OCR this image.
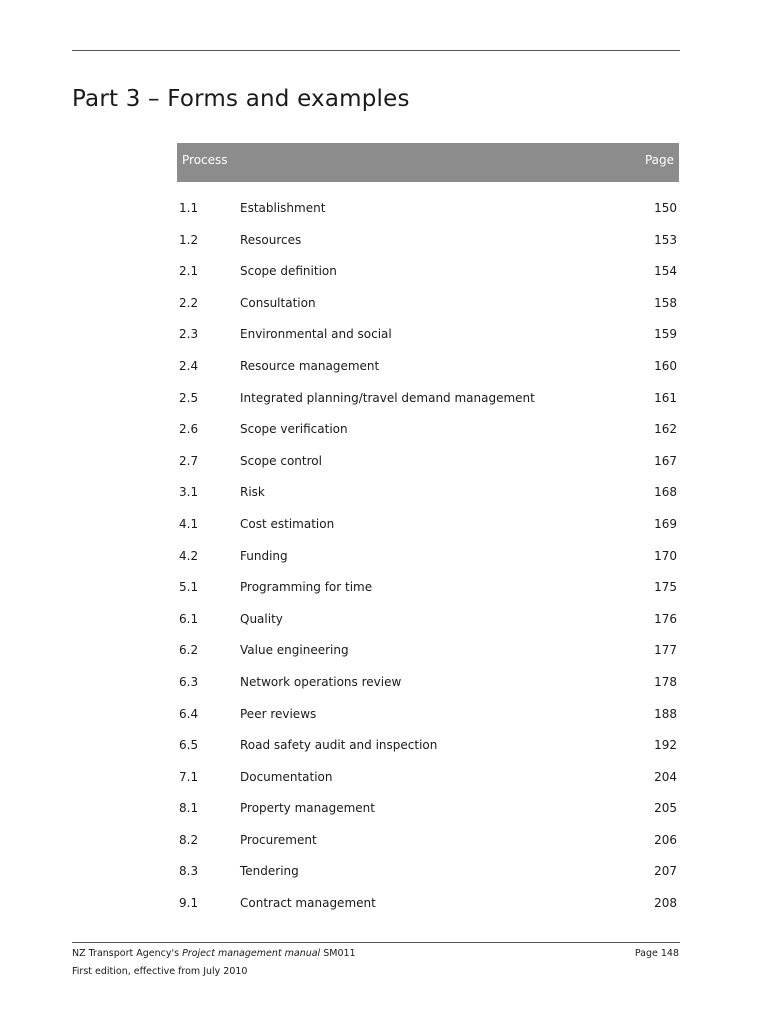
Part 3 – Forms and examples
Process	Page
1.1	Establishment	150
1.2	Resources	153
2.1	Scope definition	154
2.2	Consultation	158
2.3	Environmental and social	159
2.4	Resource management	160
2.5	Integrated planning/travel demand management	161
2.6	Scope verification	162
2.7	Scope control	167
3.1	Risk	168
4.1	Cost estimation	169
4.2	Funding	170
5.1	Programming for time	175
6.1	Quality	176
6.2	Value engineering	177
6.3	Network operations review	178
6.4	Peer reviews	188
6.5	Road safety audit and inspection	192
7.1	Documentation	204
8.1	Property management	205
8.2	Procurement	206
8.3	Tendering	207
9.1	Contract management	208
NZ Transport Agency's Project management manual SM011
First edition, effective from July 2010
Page 148
